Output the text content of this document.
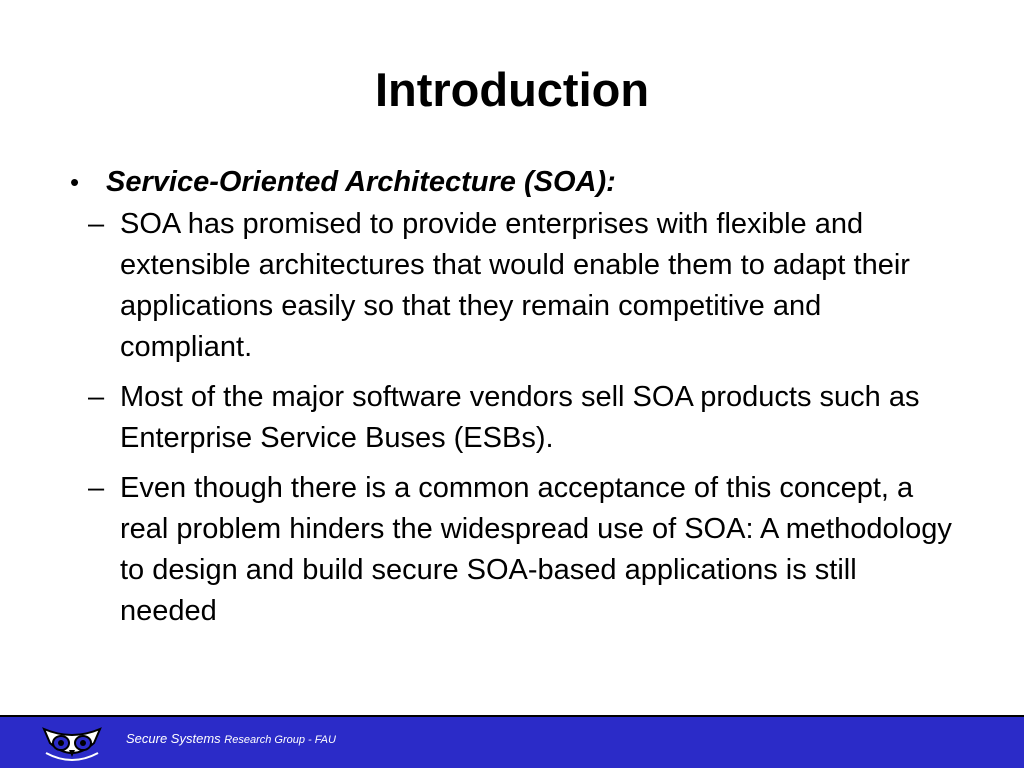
Introduction
• Service-Oriented Architecture (SOA):
– SOA has promised to provide enterprises with flexible and extensible architectures that would enable them to adapt their applications easily so that they remain competitive and compliant.
– Most of the major software vendors sell SOA products such as Enterprise Service Buses (ESBs).
– Even though there is a common acceptance of this concept, a real problem hinders the widespread use of SOA: A methodology to design and build secure SOA-based applications is still needed
Secure Systems Research Group - FAU
